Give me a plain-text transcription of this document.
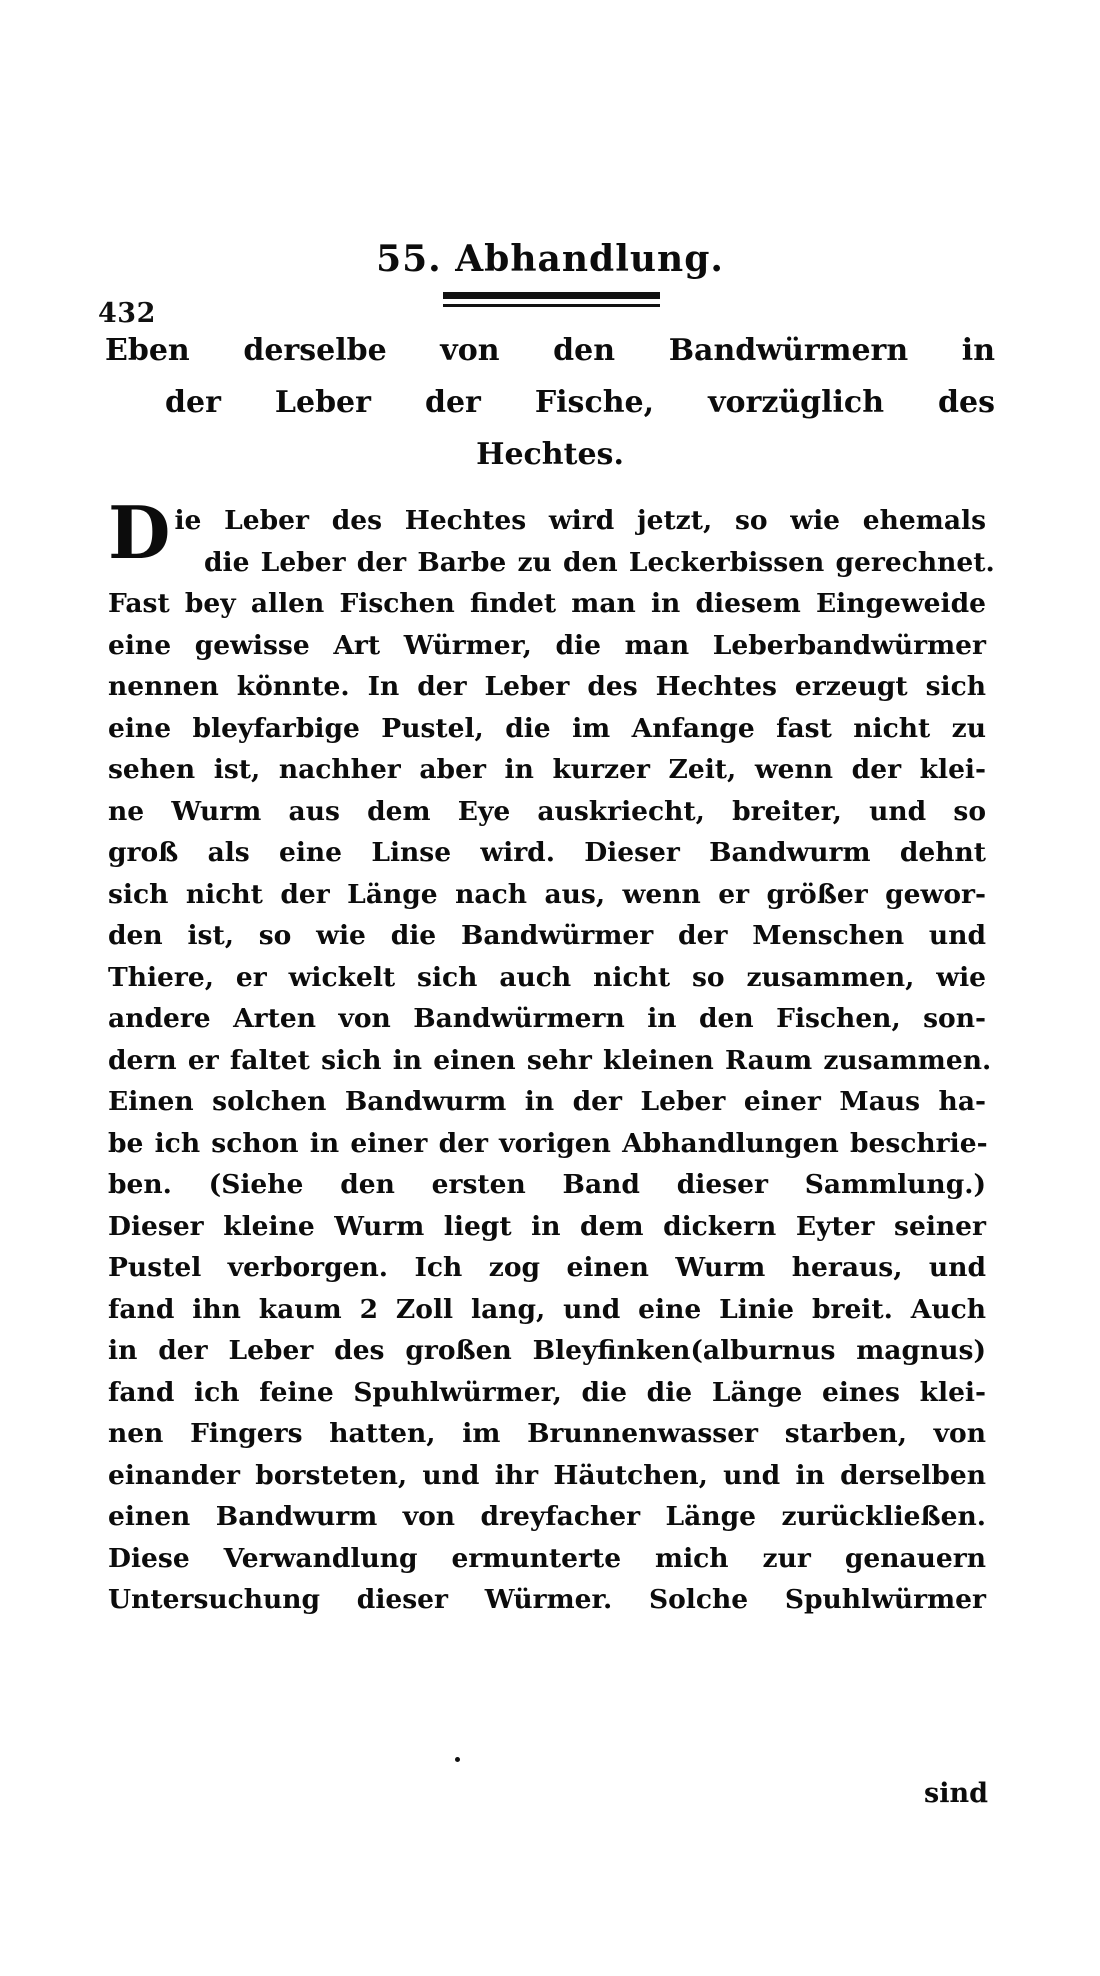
432
55. Abhandlung.
Eben derselbe von den Bandwürmern in
der Leber der Fische, vorzüglich des
Hechtes.
D ie Leber des Hechtes wird jetzt, so wie ehemals
die Leber der Barbe zu den Leckerbissen gerechnet.
Fast bey allen Fischen findet man in diesem Eingeweide
eine gewisse Art Würmer, die man Leberbandwürmer
nennen könnte. In der Leber des Hechtes erzeugt sich
eine bleyfarbige Pustel, die im Anfange fast nicht zu
sehen ist, nachher aber in kurzer Zeit, wenn der klei-
ne Wurm aus dem Eye auskriecht, breiter, und so
groß als eine Linse wird. Dieser Bandwurm dehnt
sich nicht der Länge nach aus, wenn er größer gewor-
den ist, so wie die Bandwürmer der Menschen und
Thiere, er wickelt sich auch nicht so zusammen, wie
andere Arten von Bandwürmern in den Fischen, son-
dern er faltet sich in einen sehr kleinen Raum zusammen.
Einen solchen Bandwurm in der Leber einer Maus ha-
be ich schon in einer der vorigen Abhandlungen beschrie-
ben. (Siehe den ersten Band dieser Sammlung.)
Dieser kleine Wurm liegt in dem dickern Eyter seiner
Pustel verborgen. Ich zog einen Wurm heraus, und
fand ihn kaum 2 Zoll lang, und eine Linie breit. Auch
in der Leber des großen Bleyfinken(alburnus magnus)
fand ich feine Spuhlwürmer, die die Länge eines klei-
nen Fingers hatten, im Brunnenwasser starben, von
einander borsteten, und ihr Häutchen, und in derselben
einen Bandwurm von dreyfacher Länge zurückließen.
Diese Verwandlung ermunterte mich zur genauern
Untersuchung dieser Würmer. Solche Spuhlwürmer
sind
